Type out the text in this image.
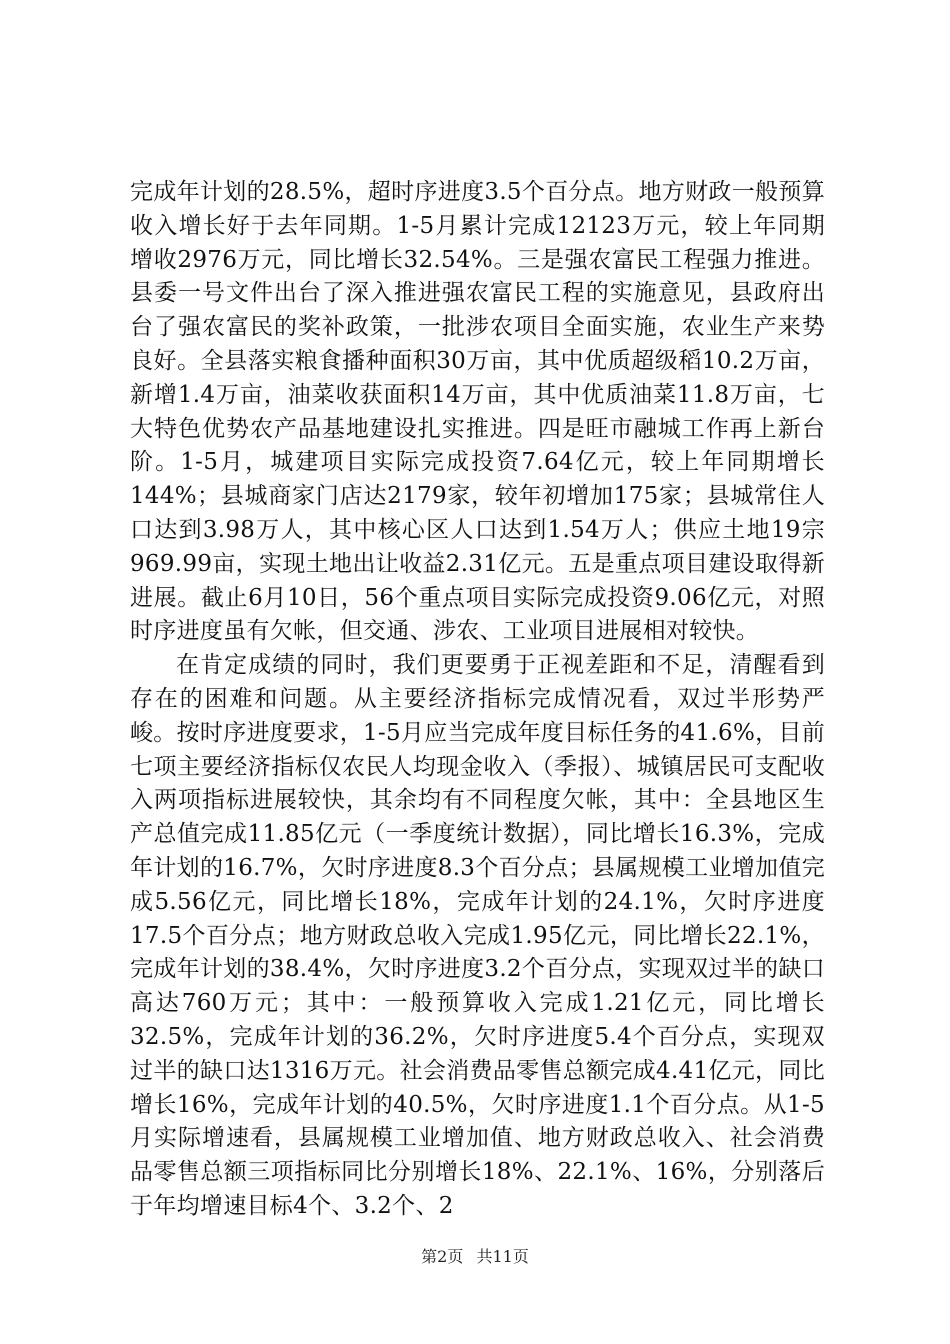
完成年计划的28.5%，超时序进度3.5个百分点。地方财政一般预算收入增长好于去年同期。1-5月累计完成12123万元，较上年同期增收2976万元，同比增长32.54%。三是强农富民工程强力推进。县委一号文件出台了深入推进强农富民工程的实施意见，县政府出台了强农富民的奖补政策，一批涉农项目全面实施，农业生产来势良好。全县落实粮食播种面积30万亩，其中优质超级稻10.2万亩，新增1.4万亩，油菜收获面积14万亩，其中优质油菜11.8万亩，七大特色优势农产品基地建设扎实推进。四是旺市融城工作再上新台阶。1-5月，城建项目实际完成投资7.64亿元，较上年同期增长144%；县城商家门店达2179家，较年初增加175家；县城常住人口达到3.98万人，其中核心区人口达到1.54万人；供应土地19宗969.99亩，实现土地出让收益2.31亿元。五是重点项目建设取得新进展。截止6月10日，56个重点项目实际完成投资9.06亿元，对照时序进度虽有欠帐，但交通、涉农、工业项目进展相对较快。

在肯定成绩的同时，我们更要勇于正视差距和不足，清醒看到存在的困难和问题。从主要经济指标完成情况看，双过半形势严峻。按时序进度要求，1-5月应当完成年度目标任务的41.6%，目前七项主要经济指标仅农民人均现金收入（季报）、城镇居民可支配收入两项指标进展较快，其余均有不同程度欠帐，其中：全县地区生产总值完成11.85亿元（一季度统计数据），同比增长16.3%，完成年计划的16.7%，欠时序进度8.3个百分点；县属规模工业增加值完成5.56亿元，同比增长18%，完成年计划的24.1%，欠时序进度17.5个百分点；地方财政总收入完成1.95亿元，同比增长22.1%，完成年计划的38.4%，欠时序进度3.2个百分点，实现双过半的缺口高达760万元；其中：一般预算收入完成1.21亿元，同比增长32.5%，完成年计划的36.2%，欠时序进度5.4个百分点，实现双过半的缺口达1316万元。社会消费品零售总额完成4.41亿元，同比增长16%，完成年计划的40.5%，欠时序进度1.1个百分点。从1-5月实际增速看，县属规模工业增加值、地方财政总收入、社会消费品零售总额三项指标同比分别增长18%、22.1%、16%，分别落后于年均增速目标4个、3.2个、2

第2页 共11页
